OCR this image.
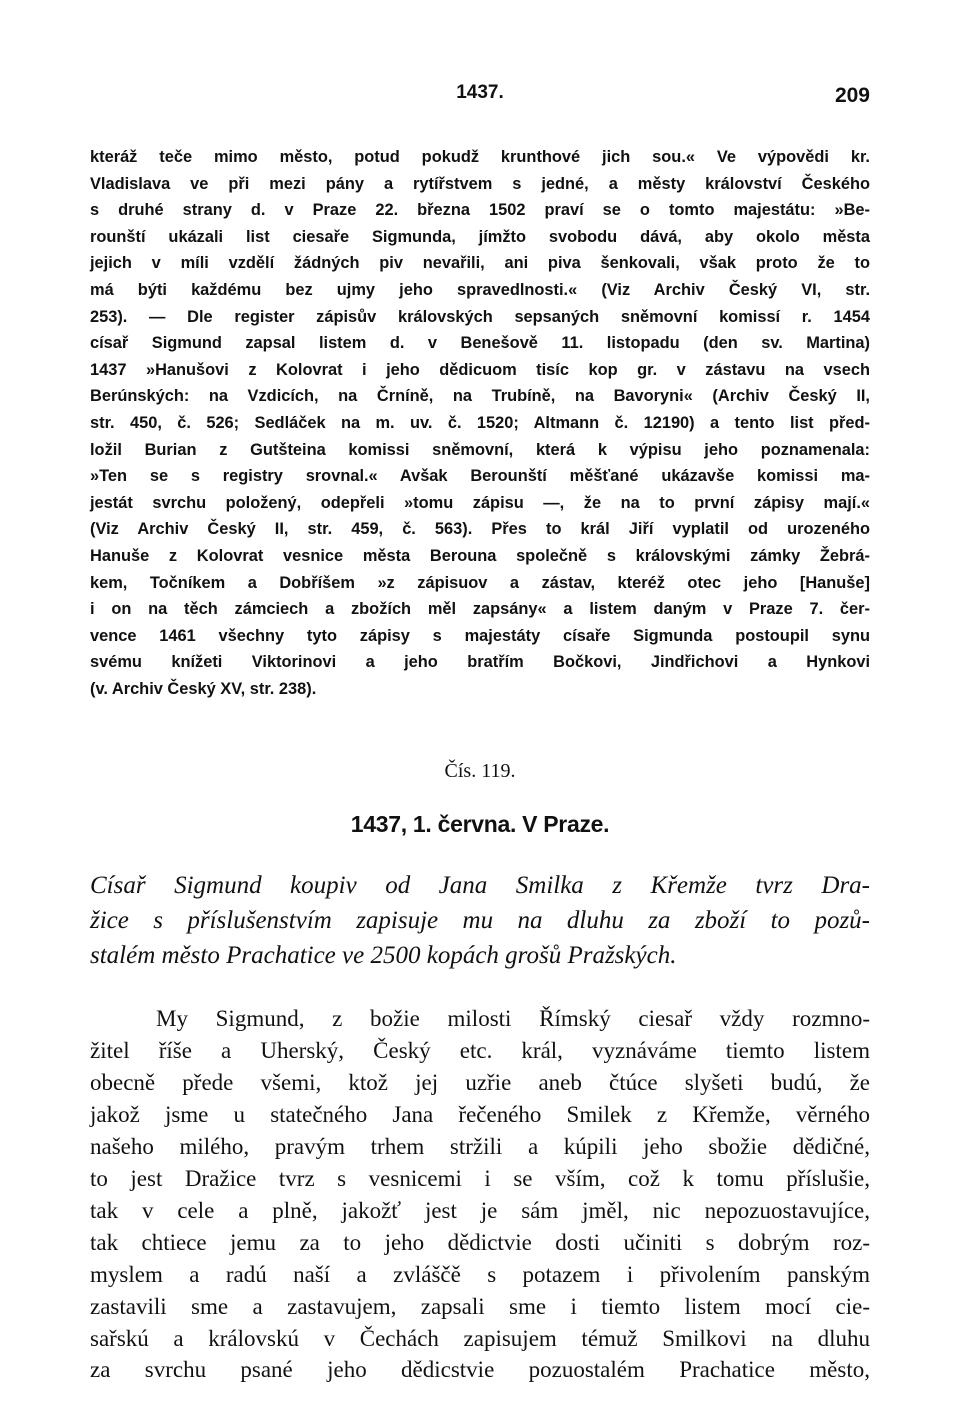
1437.	209
kteráž teče mimo město, potud pokudž krunthové jich sou.« Ve výpovědi kr.
Vladislava ve při mezi pány a rytířstvem s jedné, a městy království Českého
s druhé strany d. v Praze 22. března 1502 praví se o tomto majestátu: »Be-
rounští ukázali list ciesaře Sigmunda, jímžto svobodu dává, aby okolo města
jejich v míli vzdělí žádných piv nevařili, ani piva šenkovali, však proto že to
má býti každému bez ujmy jeho spravedlnosti.« (Viz Archiv Český VI, str.
253). — Dle register zápisův královských sepsaných sněmovní komissí r. 1454
císař Sigmund zapsal listem d. v Benešově 11. listopadu (den sv. Martina)
1437 »Hanušovi z Kolovrat i jeho dědicuom tisíc kop gr. v zástavu na vsech
Berúnských: na Vzdicích, na Črníně, na Trubíně, na Bavoryni« (Archiv Český II,
str. 450, č. 526; Sedláček na m. uv. č. 1520; Altmann č. 12190) a tento list před-
ložil Burian z Gutšteina komissi sněmovní, která k výpisu jeho poznamenala:
»Ten se s registry srovnal.« Avšak Berounští měšťané ukázavše komissi ma-
jestát svrchu položený, odepřeli »tomu zápisu —, že na to první zápisy mají.«
(Viz Archiv Český II, str. 459, č. 563). Přes to král Jiří vyplatil od urozeného
Hanuše z Kolovrat vesnice města Berouna společně s královskými zámky Žebrá-
kem, Točníkem a Dobříšem »z zápisuov a zástav, kteréž otec jeho [Hanuše]
i on na těch zámciech a zbožích měl zapsány« a listem daným v Praze 7. čer-
vence 1461 všechny tyto zápisy s majestáty císaře Sigmunda postoupil synu
svému knížeti Viktorinovi a jeho bratřím Bočkovi, Jindřichovi a Hynkovi
(v. Archiv Český XV, str. 238).
Čís. 119.
1437, 1. června. V Praze.
Císař Sigmund koupiv od Jana Smilka z Křemže tvrz Dra-
žice s příslušenstvím zapisuje mu na dluhu za zboží to pozů-
stalém město Prachatice ve 2500 kopách grošů Pražských.
My Sigmund, z božie milosti Římský ciesař vždy rozmno-
žitel říše a Uherský, Český etc. král, vyznáváme tiemto listem
obecně přede všemi, ktož jej uzřie aneb čtúce slyšeti budú, že
jakož jsme u statečného Jana řečeného Smilek z Křemže, věrného
našeho milého, pravým trhem stržili a kúpili jeho sbožie dědičné,
to jest Dražice tvrz s vesnicemi i se vším, což k tomu příslušie,
tak v cele a plně, jakožť jest je sám jměl, nic nepozuostavujíce,
tak chtiece jemu za to jeho dědictvie dosti učiniti s dobrým roz-
myslem a radú naší a zvláščě s potazem i přivolením panským
zastavili sme a zastavujem, zapsali sme i tiemto listem mocí cie-
sařskú a královskú v Čechách zapisujem témuž Smilkovi na dluhu
za svrchu psané jeho dědicstvie pozuostalém Prachatice město,
